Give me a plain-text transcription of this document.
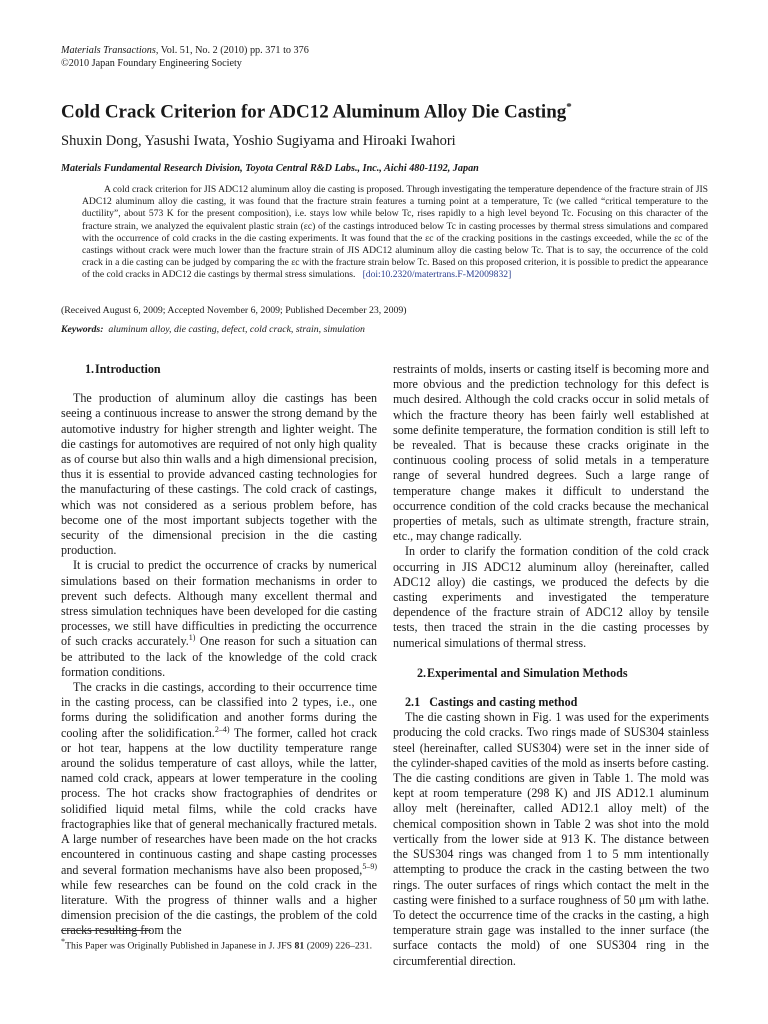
Materials Transactions, Vol. 51, No. 2 (2010) pp. 371 to 376
©2010 Japan Foundary Engineering Society
Cold Crack Criterion for ADC12 Aluminum Alloy Die Casting*
Shuxin Dong, Yasushi Iwata, Yoshio Sugiyama and Hiroaki Iwahori
Materials Fundamental Research Division, Toyota Central R&D Labs., Inc., Aichi 480-1192, Japan
A cold crack criterion for JIS ADC12 aluminum alloy die casting is proposed. Through investigating the temperature dependence of the fracture strain of JIS ADC12 aluminum alloy die casting, it was found that the fracture strain features a turning point at a temperature, Tc (we called “critical temperature to the ductility”, about 573 K for the present composition), i.e. stays low while below Tc, rises rapidly to a high level beyond Tc. Focusing on this character of the fracture strain, we analyzed the equivalent plastic strain (εc) of the castings introduced below Tc in casting processes by thermal stress simulations and compared with the occurrence of cold cracks in the die casting experiments. It was found that the εc of the cracking positions in the castings exceeded, while the εc of the castings without crack were much lower than the fracture strain of JIS ADC12 aluminum alloy die casting below Tc. That is to say, the occurrence of the cold crack in a die casting can be judged by comparing the εc with the fracture strain below Tc. Based on this proposed criterion, it is possible to predict the appearance of the cold cracks in ADC12 die castings by thermal stress simulations. [doi:10.2320/matertrans.F-M2009832]
(Received August 6, 2009; Accepted November 6, 2009; Published December 23, 2009)
Keywords: aluminum alloy, die casting, defect, cold crack, strain, simulation

1.Introduction

The production of aluminum alloy die castings has been seeing a continuous increase to answer the strong demand by the automotive industry for higher strength and lighter weight. The die castings for automotives are required of not only high quality as of course but also thin walls and a high dimensional precision, thus it is essential to provide advanced casting technologies for the manufacturing of these castings. The cold crack of castings, which was not considered as a serious problem before, has become one of the most important subjects together with the security of the dimensional precision in the die casting production.

It is crucial to predict the occurrence of cracks by numerical simulations based on their formation mechanisms in order to prevent such defects. Although many excellent thermal and stress simulation techniques have been developed for die casting processes, we still have difficulties in predicting the occurrence of such cracks accurately.$^{1)}$ One reason for such a situation can be attributed to the lack of the knowledge of the cold crack formation conditions.

The cracks in die castings, according to their occurrence time in the casting process, can be classified into 2 types, i.e., one forms during the solidification and another forms during the cooling after the solidification.$^{2-4)}$ The former, called hot crack or hot tear, happens at the low ductility temperature range around the solidus temperature of cast alloys, while the latter, named cold crack, appears at lower temperature in the cooling process. The hot cracks show fractographies of dendrites or solidified liquid metal films, while the cold cracks have fractographies like that of general mechanically fractured metals. A large number of researches have been made on the hot cracks encountered in continuous casting and shape casting processes and several formation mechanisms have also been proposed,$^{5-9)}$ while few researches can be found on the cold crack in the literature. With the progress of thinner walls and a higher dimension precision of the die castings, the problem of the cold cracks resulting from the

restraints of molds, inserts or casting itself is becoming more and more obvious and the prediction technology for this defect is much desired. Although the cold cracks occur in solid metals of which the fracture theory has been fairly well established at some definite temperature, the formation condition is still left to be revealed. That is because these cracks originate in the continuous cooling process of solid metals in a temperature range of several hundred degrees. Such a large range of temperature change makes it difficult to understand the occurrence condition of the cold cracks because the mechanical properties of metals, such as ultimate strength, fracture strain, etc., may change radically.

In order to clarify the formation condition of the cold crack occurring in JIS ADC12 aluminum alloy (hereinafter, called ADC12 alloy) die castings, we produced the defects by die casting experiments and investigated the temperature dependence of the fracture strain of ADC12 alloy by tensile tests, then traced the strain in the die casting processes by numerical simulations of thermal stress.

2.Experimental and Simulation Methods

2.1 Castings and casting method

The die casting shown in Fig. 1 was used for the experiments producing the cold cracks. Two rings made of SUS304 stainless steel (hereinafter, called SUS304) were set in the inner side of the cylinder-shaped cavities of the mold as inserts before casting. The die casting conditions are given in Table 1. The mold was kept at room temperature (298 K) and JIS AD12.1 aluminum alloy melt (hereinafter, called AD12.1 alloy melt) of the chemical composition shown in Table 2 was shot into the mold vertically from the lower side at 913 K. The distance between the SUS304 rings was changed from 1 to 5 mm intentionally attempting to produce the crack in the casting between the two rings. The outer surfaces of rings which contact the melt in the casting were finished to a surface roughness of 50 μm with lathe. To detect the occurrence time of the cracks in the casting, a high temperature strain gage was installed to the inner surface (the surface contacts the mold) of one SUS304 ring in the circumferential direction.

*This Paper was Originally Published in Japanese in J. JFS 81 (2009) 226–231.
